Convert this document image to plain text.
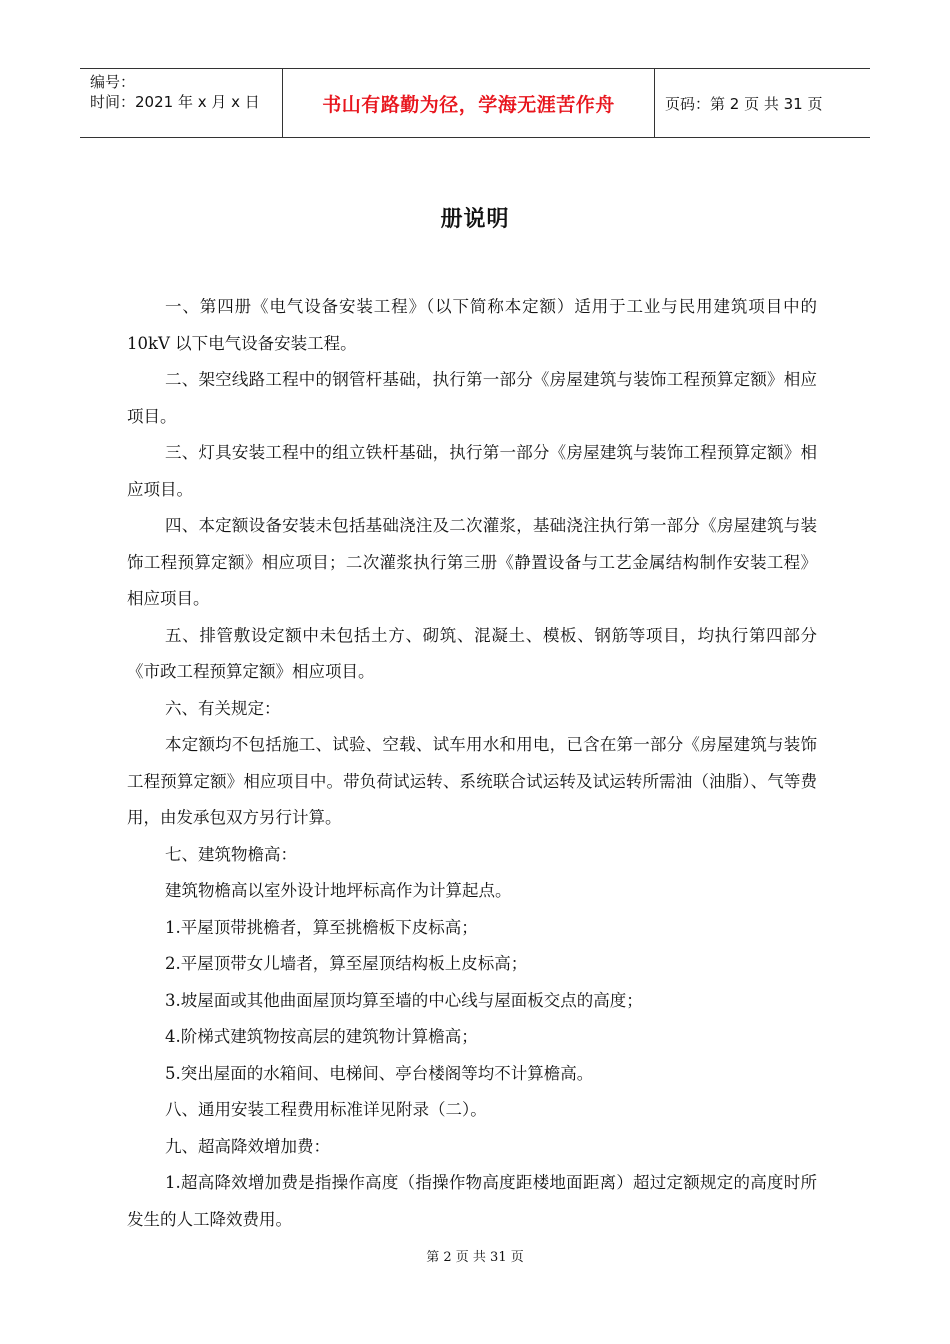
编号：
时间：2021 年 x 月 x 日	书山有路勤为径，学海无涯苦作舟	页码：第 2 页 共 31 页
册说明

一、第四册《电气设备安装工程》（以下简称本定额）适用于工业与民用建筑项目中的 10kV 以下电气设备安装工程。

二、架空线路工程中的钢管杆基础，执行第一部分《房屋建筑与装饰工程预算定额》相应项目。

三、灯具安装工程中的组立铁杆基础，执行第一部分《房屋建筑与装饰工程预算定额》相应项目。

四、本定额设备安装未包括基础浇注及二次灌浆，基础浇注执行第一部分《房屋建筑与装饰工程预算定额》相应项目；二次灌浆执行第三册《静置设备与工艺金属结构制作安装工程》相应项目。

五、排管敷设定额中未包括土方、砌筑、混凝土、模板、钢筋等项目，均执行第四部分《市政工程预算定额》相应项目。

六、有关规定：

本定额均不包括施工、试验、空载、试车用水和用电，已含在第一部分《房屋建筑与装饰工程预算定额》相应项目中。带负荷试运转、系统联合试运转及试运转所需油（油脂）、气等费用，由发承包双方另行计算。

七、建筑物檐高：

建筑物檐高以室外设计地坪标高作为计算起点。

1.平屋顶带挑檐者，算至挑檐板下皮标高；

2.平屋顶带女儿墙者，算至屋顶结构板上皮标高；

3.坡屋面或其他曲面屋顶均算至墙的中心线与屋面板交点的高度；

4.阶梯式建筑物按高层的建筑物计算檐高；

5.突出屋面的水箱间、电梯间、亭台楼阁等均不计算檐高。

八、通用安装工程费用标准详见附录（二）。

九、超高降效增加费：

1.超高降效增加费是指操作高度（指操作物高度距楼地面距离）超过定额规定的高度时所发生的人工降效费用。

第 2 页 共 31 页
